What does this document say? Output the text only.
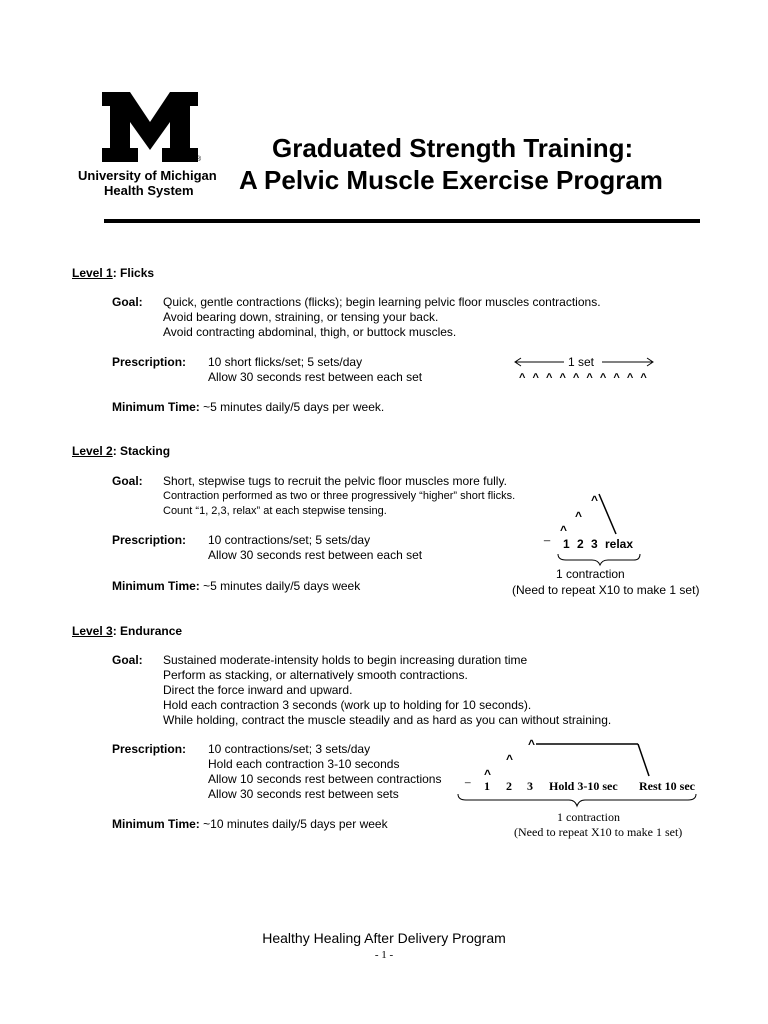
®
University of Michigan
Health System
Graduated Strength Training:
A Pelvic Muscle Exercise Program
Level 1: Flicks
Goal: Quick, gentle contractions (flicks); begin learning pelvic floor muscles contractions.
Avoid bearing down, straining, or tensing your back.
Avoid contracting abdominal, thigh, or buttock muscles.
Prescription: 10 short flicks/set; 5 sets/day
Allow 30 seconds rest between each set
1 set
^ ^ ^ ^ ^ ^ ^ ^ ^ ^
Minimum Time: ~5 minutes daily/5 days per week.
Level 2: Stacking
Goal: Short, stepwise tugs to recruit the pelvic floor muscles more fully.
Contraction performed as two or three progressively “higher” short flicks.
Count “1, 2,3, relax” at each stepwise tensing.
Prescription: 10 contractions/set; 5 sets/day
Allow 30 seconds rest between each set
_ ^
^
^
1 2 3 relax
1 contraction
(Need to repeat X10 to make 1 set)
Minimum Time: ~5 minutes daily/5 days week
Level 3: Endurance
Goal: Sustained moderate-intensity holds to begin increasing duration time
Perform as stacking, or alternatively smooth contractions.
Direct the force inward and upward.
Hold each contraction 3 seconds (work up to holding for 10 seconds).
While holding, contract the muscle steadily and as hard as you can without straining.
Prescription: 10 contractions/set; 3 sets/day
Hold each contraction 3-10 seconds
Allow 10 seconds rest between contractions
Allow 30 seconds rest between sets
_ ^
^
^
1 2 3 Hold 3-10 sec Rest 10 sec
1 contraction
(Need to repeat X10 to make 1 set)
Minimum Time: ~10 minutes daily/5 days per week
Healthy Healing After Delivery Program
- 1 -
